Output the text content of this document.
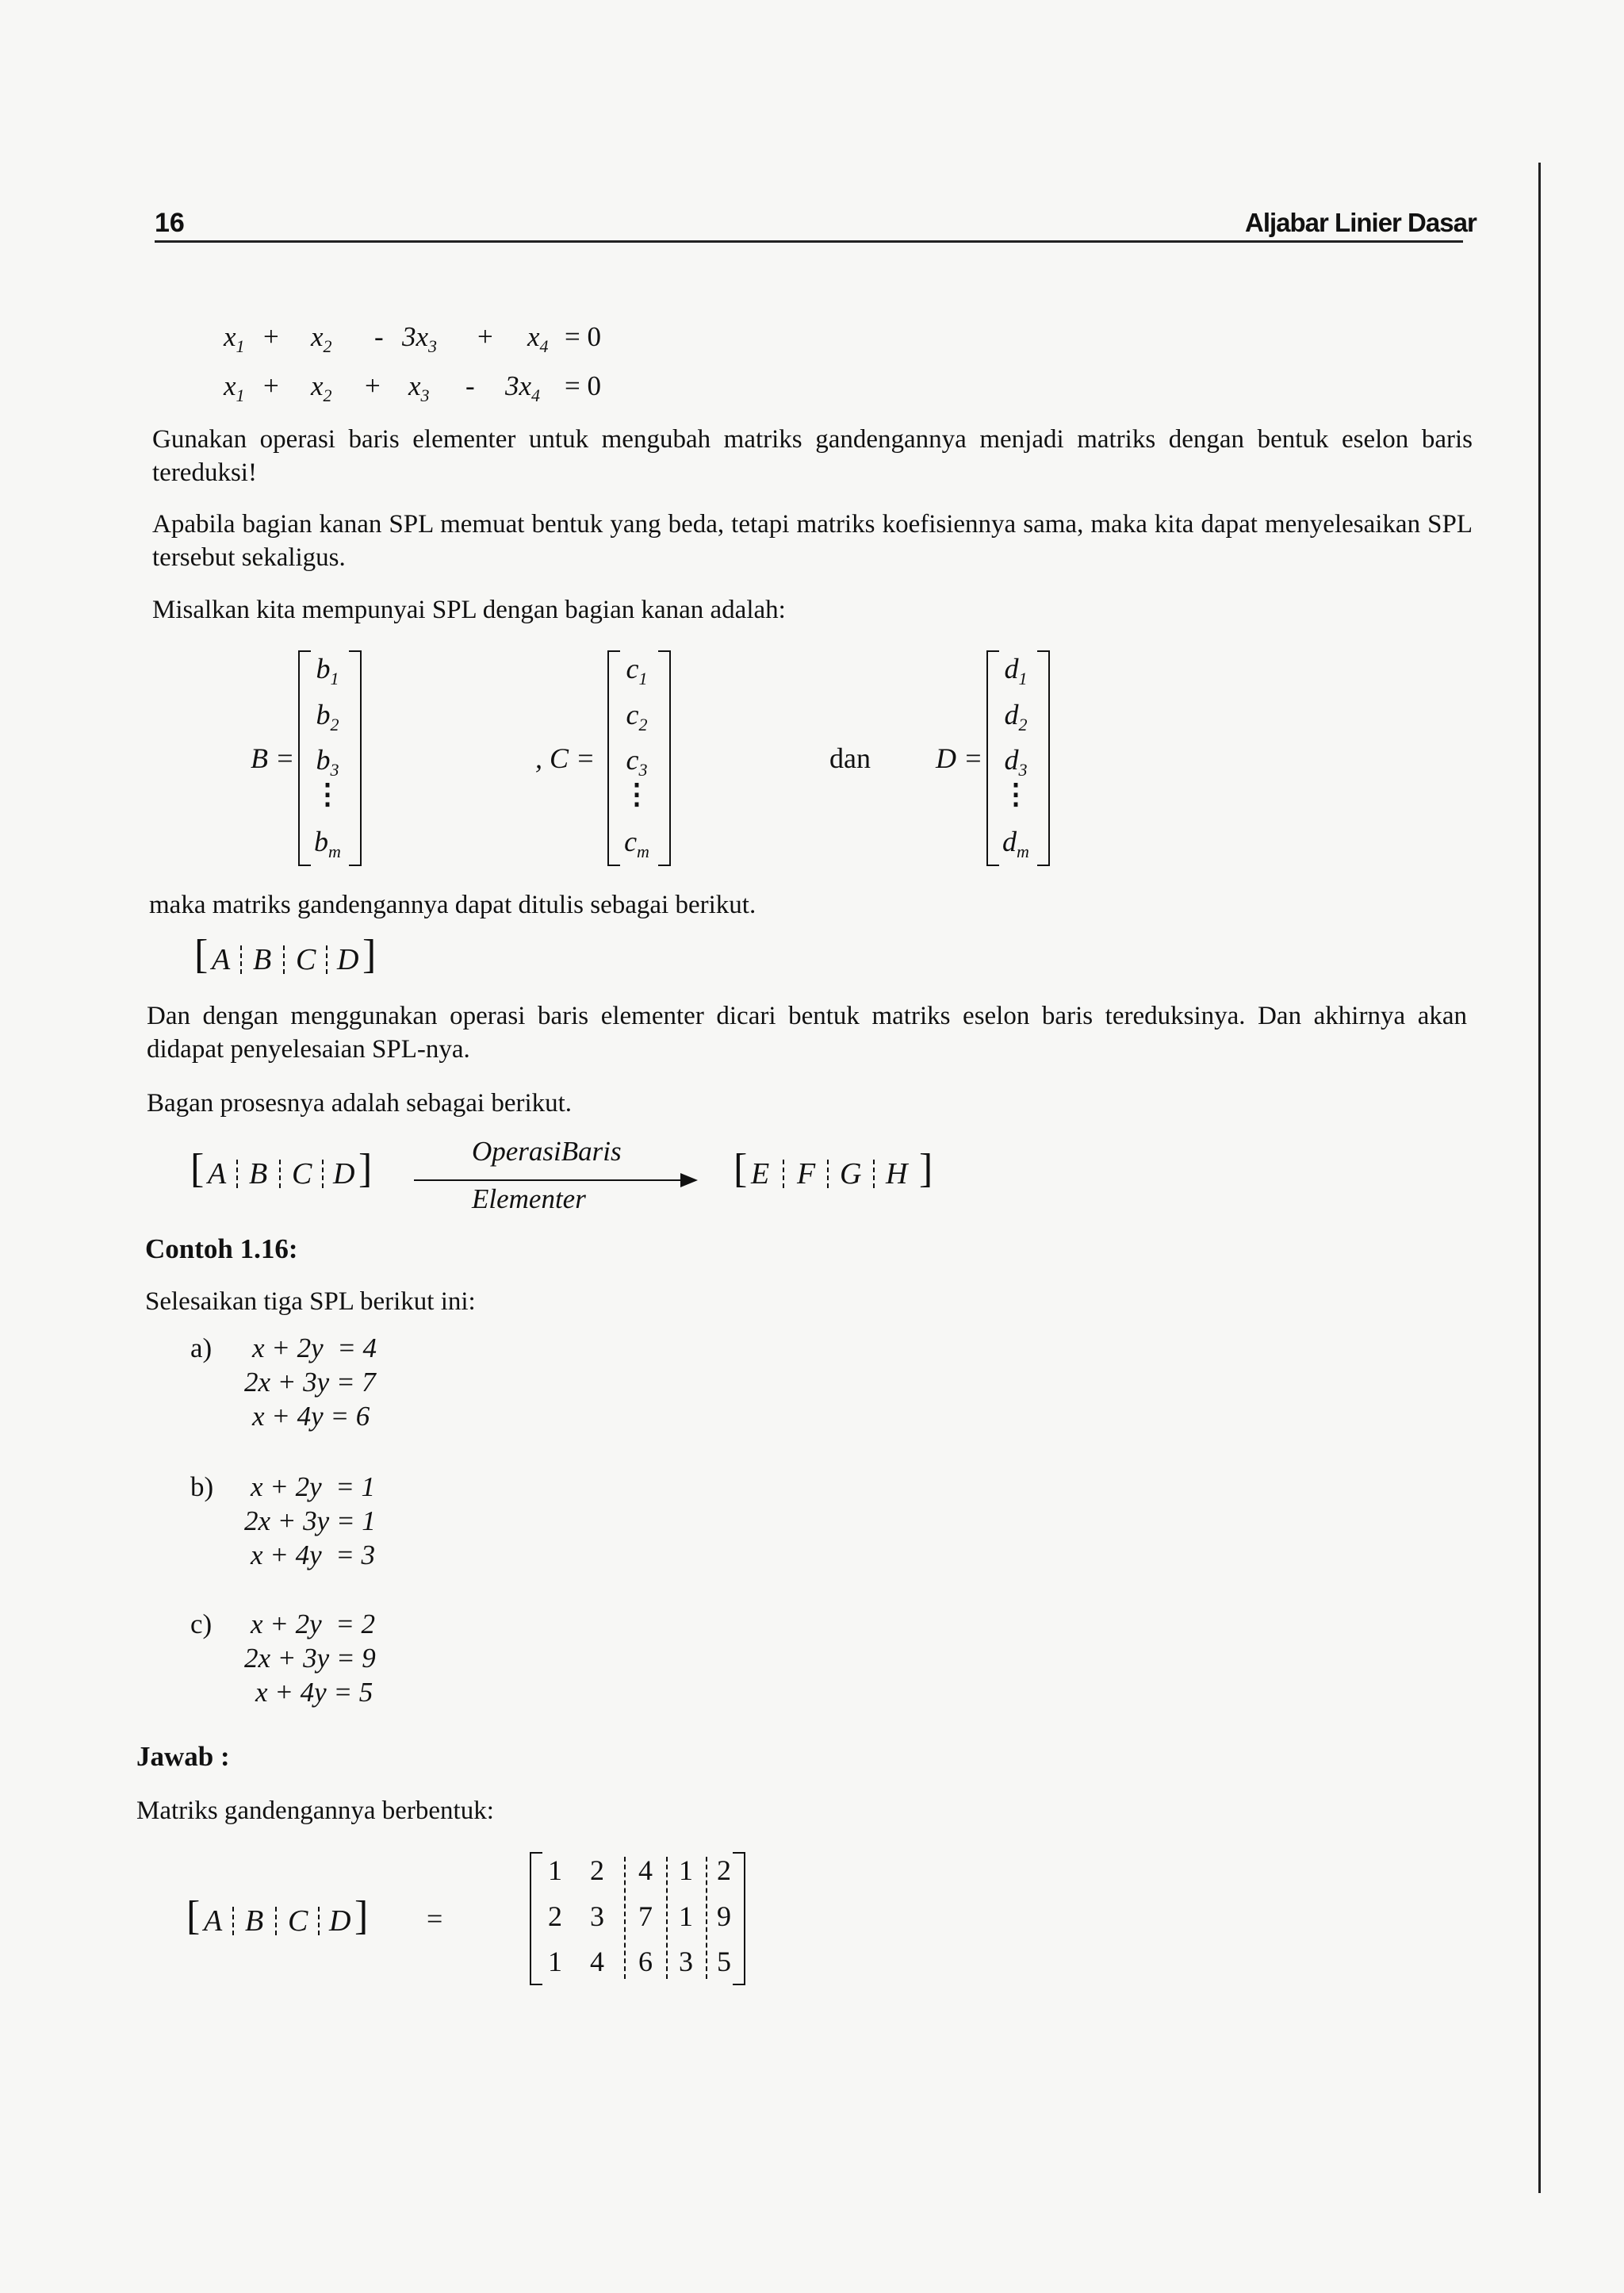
16	Aljabar Linier Dasar
$x_1 + x_2 - 3x_3 + x_4 = 0$
$x_1 + x_2 + x_3 - 3x_4 = 0$
Gunakan operasi baris elementer untuk mengubah matriks gandengannya menjadi matriks dengan bentuk eselon baris tereduksi!
Apabila bagian kanan SPL memuat bentuk yang beda, tetapi matriks koefisiennya sama, maka kita dapat menyelesaikan SPL tersebut sekaligus.
Misalkan kita mempunyai SPL dengan bagian kanan adalah:
B =
$b_1$
$b_2$
$b_3$
⋮
$b_m$
, C =
$c_1$
$c_2$
$c_3$
⋮
$c_m$
dan D =
$d_1$
$d_2$
$d_3$
⋮
$d_m$
maka matriks gandengannya dapat ditulis sebagai berikut.
[ A B C D ]
Dan dengan menggunakan operasi baris elementer dicari bentuk matriks eselon baris tereduksinya. Dan akhirnya akan didapat penyelesaian SPL-nya.
Bagan prosesnya adalah sebagai berikut.
[ A B C D ]	OperasiBaris
Elementer
[ E F G H ]
Contoh 1.16:
Selesaikan tiga SPL berikut ini:
a) x + 2y  = 4
2x + 3y = 7
x + 4y = 6
b) x + 2y  = 1
2x + 3y = 1
x + 4y  = 3
c) x + 2y  = 2
2x + 3y = 9
x + 4y = 5
Jawab :
Matriks gandengannya berbentuk:
[ A B C D ] =
1 2	4 1 2
2 3	7 1 9
1 4	6 3 5
